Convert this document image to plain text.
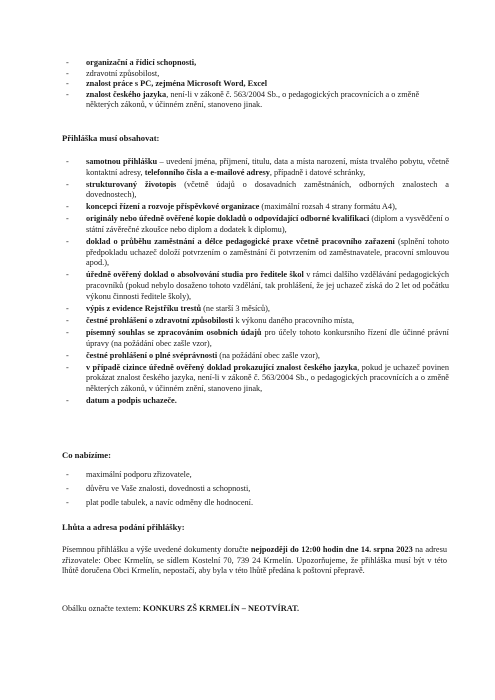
- organizační a řídicí schopnosti,
- zdravotní způsobilost,
- znalost práce s PC, zejména Microsoft Word, Excel
- znalost českého jazyka, není-li v zákoně č. 563/2004 Sb., o pedagogických pracovnících a o změně některých zákonů, v účinném znění, stanoveno jinak.
Přihláška musí obsahovat:
- samotnou přihlášku – uvedení jména, příjmení, titulu, data a místa narození, místa trvalého pobytu, včetně kontaktní adresy, telefonního čísla a e-mailové adresy, případně i datové schránky,
- strukturovaný životopis (včetně údajů o dosavadních zaměstnáních, odborných znalostech a dovednostech),
- koncepci řízení a rozvoje příspěvkové organizace (maximální rozsah 4 strany formátu A4),
- originály nebo úředně ověřené kopie dokladů o odpovídající odborné kvalifikaci (diplom a vysvědčení o státní závěrečné zkoušce nebo diplom a dodatek k diplomu),
- doklad o průběhu zaměstnání a délce pedagogické praxe včetně pracovního zařazení (splnění tohoto předpokladu uchazeč doloží potvrzením o zaměstnání či potvrzením od zaměstnavatele, pracovní smlouvou apod.),
- úředně ověřený doklad o absolvování studia pro ředitele škol v rámci dalšího vzdělávání pedagogických pracovníků (pokud nebylo dosaženo tohoto vzdělání, tak prohlášení, že jej uchazeč získá do 2 let od počátku výkonu činnosti ředitele školy),
- výpis z evidence Rejstříku trestů (ne starší 3 měsíců),
- čestné prohlášení o zdravotní způsobilosti k výkonu daného pracovního místa,
- písemný souhlas se zpracováním osobních údajů pro účely tohoto konkursního řízení dle účinné právní úpravy (na požádání obec zašle vzor),
- čestné prohlášení o plné svéprávnosti (na požádání obec zašle vzor),
- v případě cizince úředně ověřený doklad prokazující znalost českého jazyka, pokud je uchazeč povinen prokázat znalost českého jazyka, není-li v zákoně č. 563/2004 Sb., o pedagogických pracovnících a o změně některých zákonů, v účinném znění, stanoveno jinak,
- datum a podpis uchazeče.
Co nabízíme:
- maximální podporu zřizovatele,
- důvěru ve Vaše znalosti, dovednosti a schopnosti,
- plat podle tabulek, a navíc odměny dle hodnocení.
Lhůta a adresa podání přihlášky:
Písemnou přihlášku a výše uvedené dokumenty doručte nejpozději do 12:00 hodin dne 14. srpna 2023 na adresu zřizovatele: Obec Krmelín, se sídlem Kostelní 70, 739 24 Krmelín. Upozorňujeme, že přihláška musí být v této lhůtě doručena Obci Krmelín, nepostačí, aby byla v této lhůtě předána k poštovní přepravě.
Obálku označte textem: KONKURS ZŠ KRMELÍN – NEOTVÍRAT.
